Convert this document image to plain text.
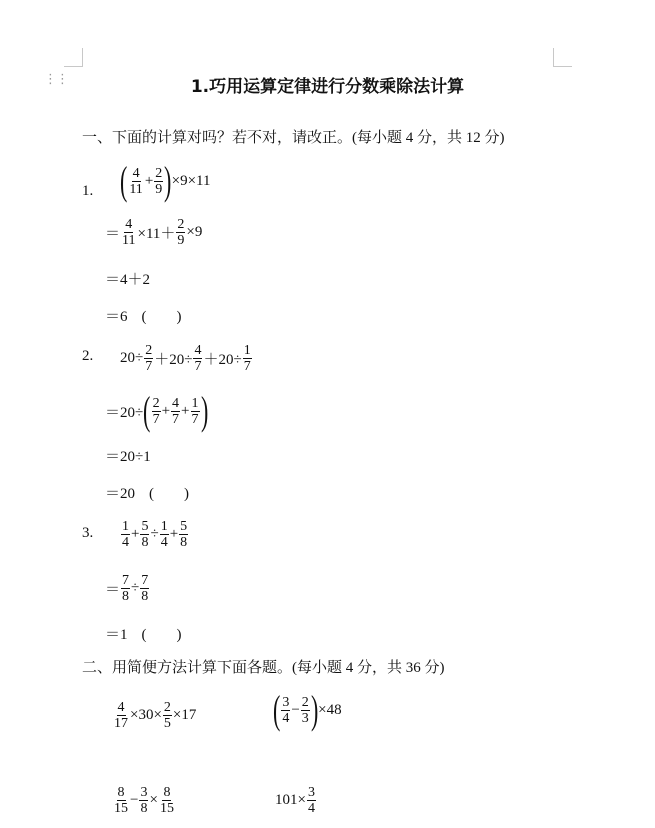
⋮⋮	1.巧用运算定律进行分数乘除法计算
一、下面的计算对吗？若不对，请改正。(每小题 4 分，共 12 分)
1. ( $\frac{4}{11} + \frac{2}{9}$ ) ×9×11
＝ $\frac{4}{11} \times 11+ \frac{2}{9} \times 9$
＝4＋2
＝6 (　　)
2. $20\div \frac{2}{7} +20\div \frac{4}{7} +20\div \frac{1}{7}$
＝20÷ ( $\frac{2}{7} + \frac{4}{7} + \frac{1}{7}$ )
＝20÷1
＝20 (　　)
3. $\frac{1}{4} + \frac{5}{8} \div \frac{1}{4} + \frac{5}{8}$
＝ $\frac{7}{8} \div \frac{7}{8}$
＝1 (　　)
二、用简便方法计算下面各题。(每小题 4 分，共 36 分)
$\frac{4}{17} \times 30\times \frac{2}{5} \times 17$ ( $\frac{3}{4} - \frac{2}{3}$ ) ×48
$\frac{8}{15} - \frac{3}{8} \times \frac{8}{15}$	$101\times \frac{3}{4}$
